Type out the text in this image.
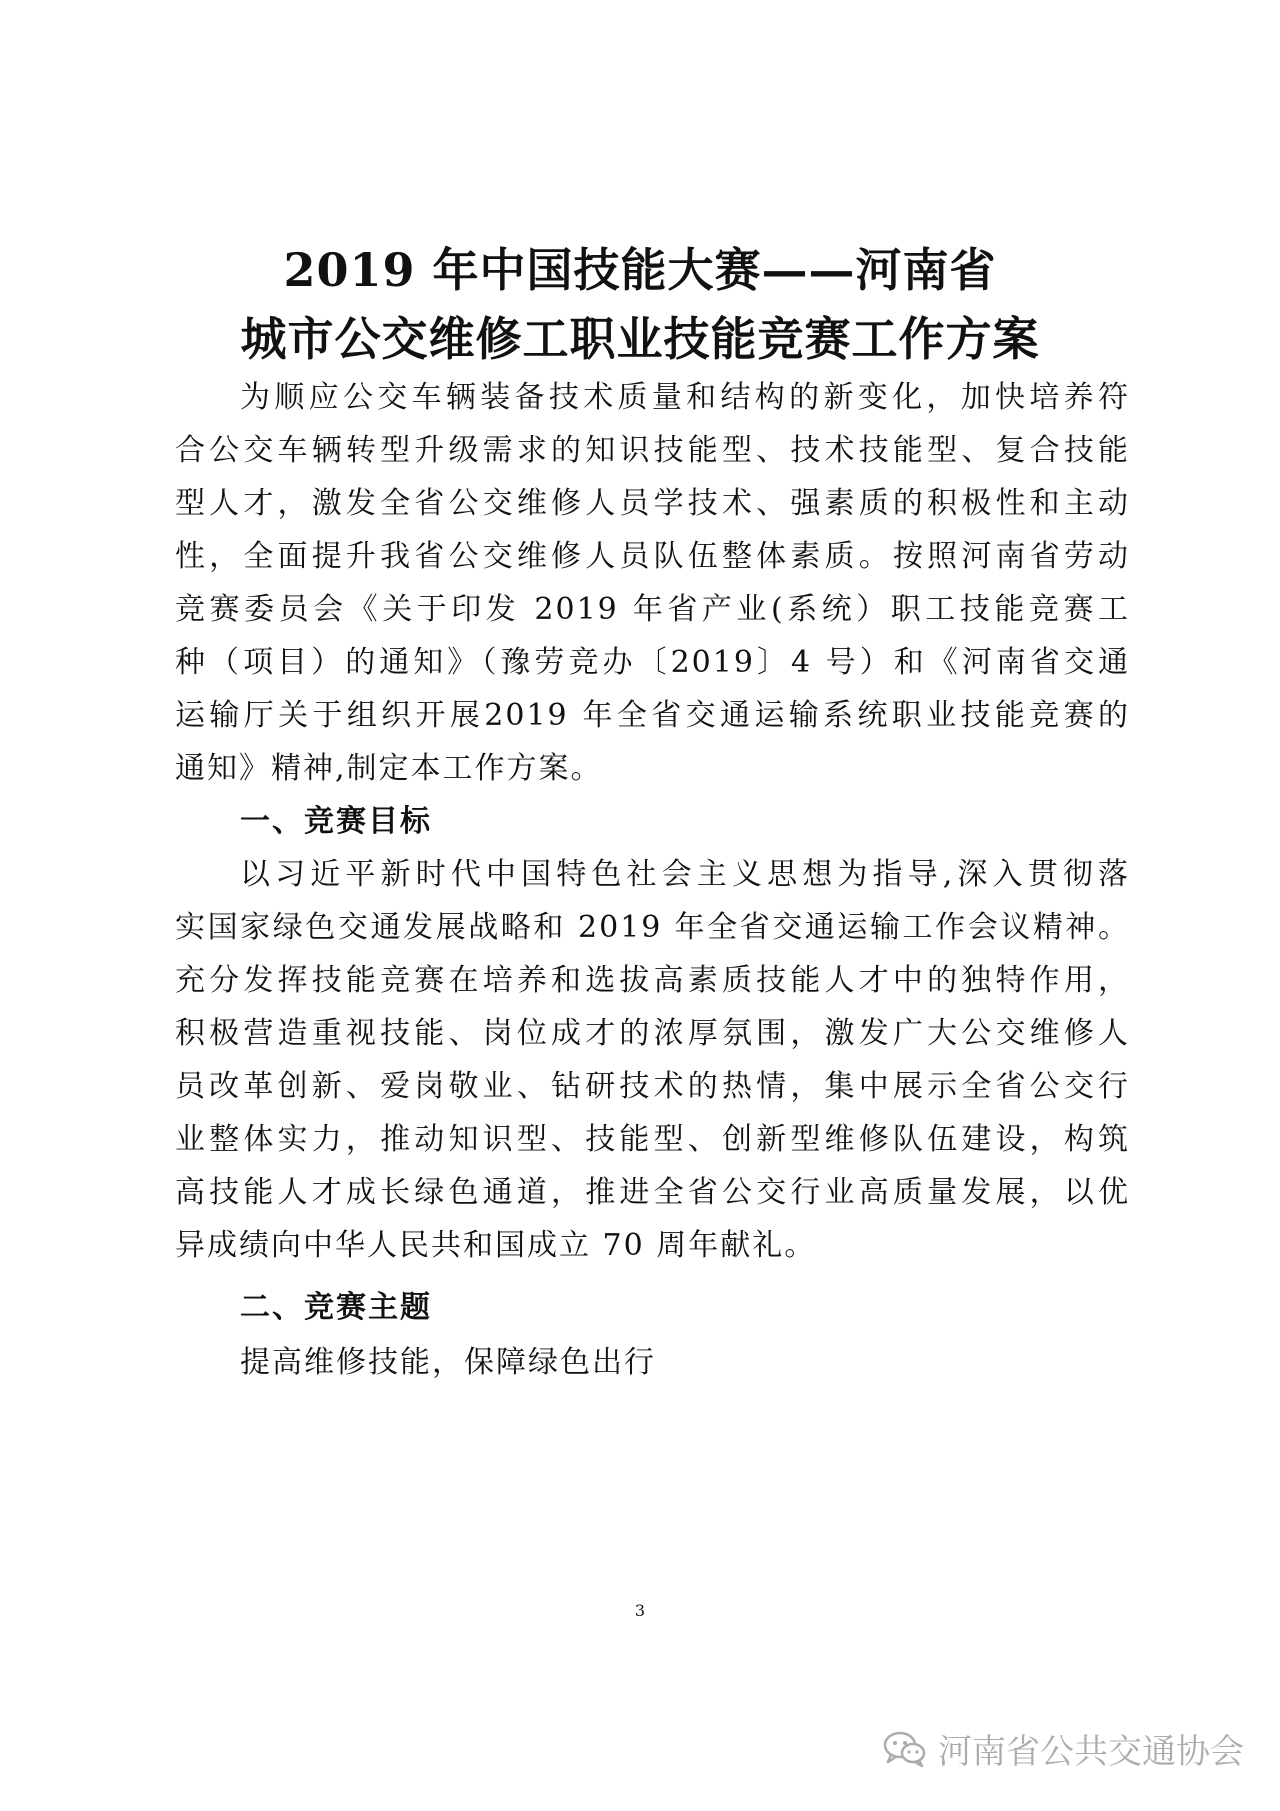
2019 年中国技能大赛——河南省
城市公交维修工职业技能竞赛工作方案
为顺应公交车辆装备技术质量和结构的新变化，加快培养符
合公交车辆转型升级需求的知识技能型、技术技能型、复合技能
型人才，激发全省公交维修人员学技术、强素质的积极性和主动
性，全面提升我省公交维修人员队伍整体素质。按照河南省劳动
竞赛委员会《关于印发 2019 年省产业(系统）职工技能竞赛工
种（项目）的通知》（豫劳竞办〔2019〕4 号）和《河南省交通
运输厅关于组织开展2019 年全省交通运输系统职业技能竞赛的
通知》精神,制定本工作方案。
一、竞赛目标
以习近平新时代中国特色社会主义思想为指导,深入贯彻落
实国家绿色交通发展战略和 2019 年全省交通运输工作会议精神。
充分发挥技能竞赛在培养和选拔高素质技能人才中的独特作用，
积极营造重视技能、岗位成才的浓厚氛围，激发广大公交维修人
员改革创新、爱岗敬业、钻研技术的热情，集中展示全省公交行
业整体实力，推动知识型、技能型、创新型维修队伍建设，构筑
高技能人才成长绿色通道，推进全省公交行业高质量发展，以优
异成绩向中华人民共和国成立 70 周年献礼。
二、竞赛主题
提高维修技能，保障绿色出行
3
河南省公共交通协会
